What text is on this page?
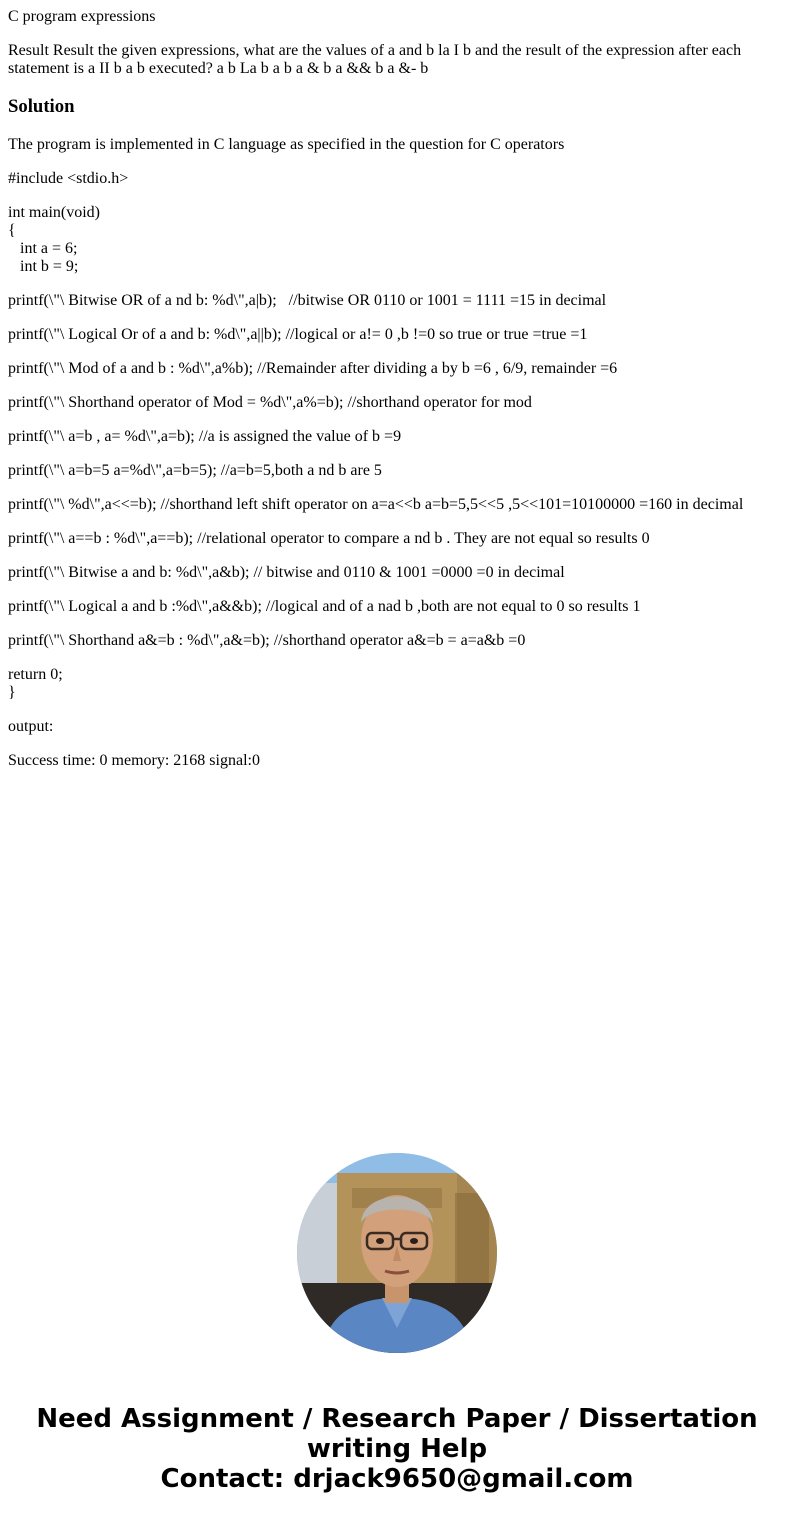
C program expressions

Result Result the given expressions, what are the values of a and b la I b and the result of the expression after each statement is a II b a b executed? a b La b a b a & b a && b a &- b

Solution

The program is implemented in C language as specified in the question for C operators

#include <stdio.h>

int main(void)
{
int a = 6;
int b = 9;

printf(\"\ Bitwise OR of a nd b: %d\",a|b);   //bitwise OR 0110 or 1001 = 1111 =15 in decimal

printf(\"\ Logical Or of a and b: %d\",a||b); //logical or a!= 0 ,b !=0 so true or true =true =1

printf(\"\ Mod of a and b : %d\",a%b); //Remainder after dividing a by b =6 , 6/9, remainder =6

printf(\"\ Shorthand operator of Mod = %d\",a%=b); //shorthand operator for mod

printf(\"\ a=b , a= %d\",a=b); //a is assigned the value of b =9

printf(\"\ a=b=5 a=%d\",a=b=5); //a=b=5,both a nd b are 5

printf(\"\ %d\",a<<=b); //shorthand left shift operator on a=a<<b a=b=5,5<<5 ,5<<101=10100000 =160 in decimal

printf(\"\ a==b : %d\",a==b); //relational operator to compare a nd b . They are not equal so results 0

printf(\"\ Bitwise a and b: %d\",a&b); // bitwise and 0110 & 1001 =0000 =0 in decimal

printf(\"\ Logical a and b :%d\",a&&b); //logical and of a nad b ,both are not equal to 0 so results 1

printf(\"\ Shorthand a&=b : %d\",a&=b); //shorthand operator a&=b = a=a&b =0

return 0;
}

output:

Success time: 0 memory: 2168 signal:0

Need Assignment / Research Paper / Dissertation
writing Help
Contact: drjack9650@gmail.com
